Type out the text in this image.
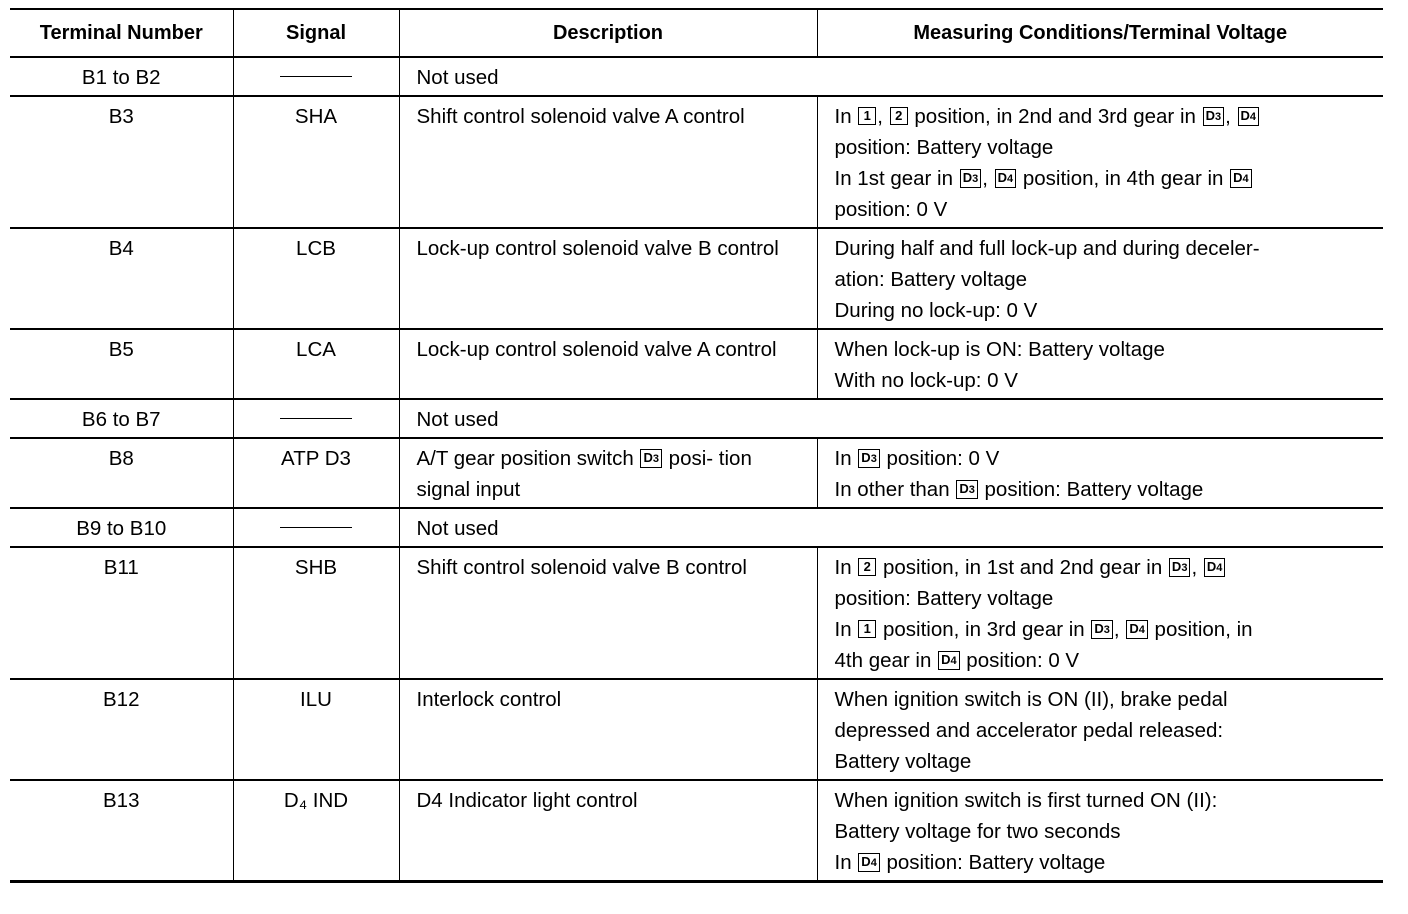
Terminal Number	Signal	Description	Measuring Conditions/Terminal Voltage
B1 to B2		Not used	
B3	SHA	Shift control solenoid valve A control	In 1 , 2 position, in 2nd and 3rd gear in D3 , D4
position: Battery voltage
In 1st gear in D3 , D4 position, in 4th gear in D4
position: 0 V

B4	LCB	Lock-up control solenoid valve B control	During half and full lock-up and during deceler-
ation: Battery voltage
During no lock-up: 0 V

B5	LCA	Lock-up control solenoid valve A control	When lock-up is ON: Battery voltage
With no lock-up: 0 V

B6 to B7		Not used	
B8	ATP D3	A/T gear position switch D3 posi- tion signal input	In D3 position: 0 V
In other than D3 position: Battery voltage

B9 to B10		Not used	
B11	SHB	Shift control solenoid valve B control	In 2 position, in 1st and 2nd gear in D3 , D4
position: Battery voltage
In 1 position, in 3rd gear in D3 , D4 position, in
4th gear in D4 position: 0 V

B12	ILU	Interlock control	When ignition switch is ON (II), brake pedal
depressed and accelerator pedal released:
Battery voltage

B13	D₄ IND	D4 Indicator light control	When ignition switch is first turned ON (II):
Battery voltage for two seconds
In D4 position: Battery voltage
